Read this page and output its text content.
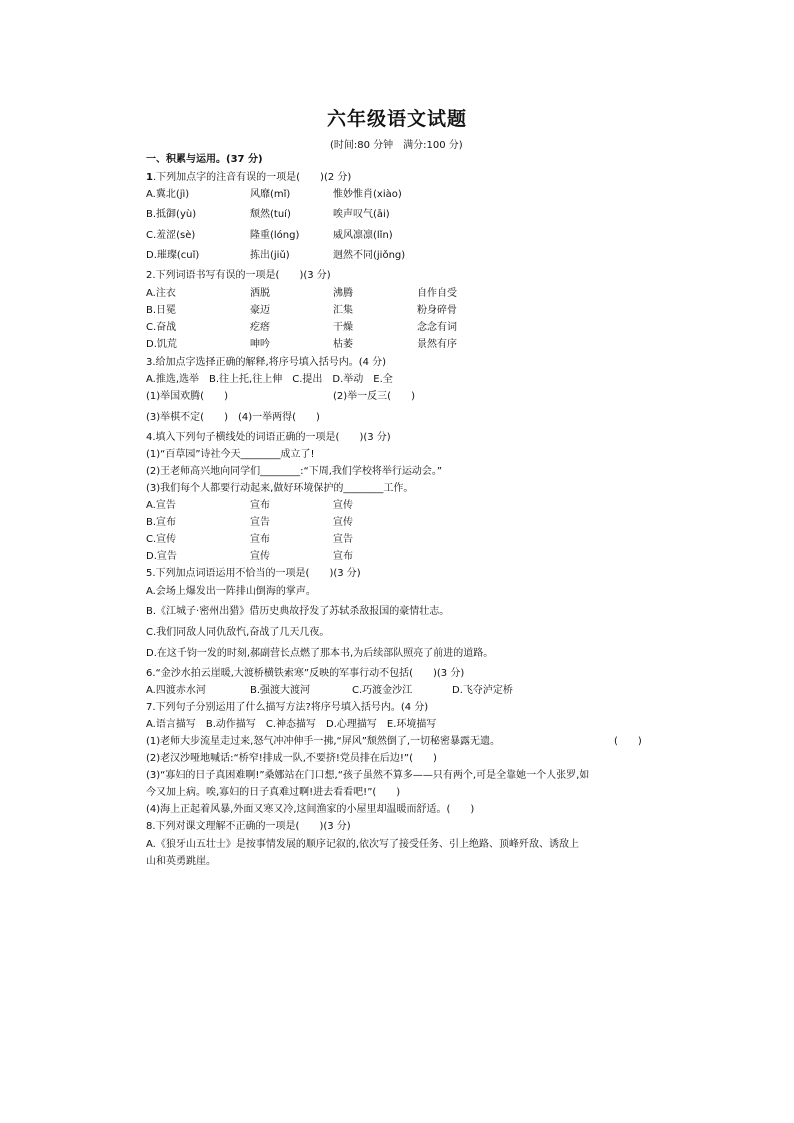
六年级语文试题
(时间:80 分钟　满分:100 分)
一、积累与运用。(37 分)
1.下列加点字的注音有误的一项是(　　)(2 分)
A.冀北(jì)	风靡(mǐ)	惟妙惟肖(xiào)
B.抵御(yù)	颓然(tuí)	唉声叹气(āi)
C.羞涩(sè)	隆重(lóng)	威风凛凛(lǐn)
D.璀璨(cuǐ)	拣出(jiǔ)	迥然不同(jiǒng)
2.下列词语书写有误的一项是(　　)(3 分)
A.注衣	洒脱	沸腾	自作自受
B.日冕	豪迈	汇集	粉身碎骨
C.奋战	疙瘩	干燥	念念有词
D.饥荒	呻吟	枯萎	景然有序
3.给加点字选择正确的解释,将序号填入括号内。(4 分)
A.推选,选举　B.往上托,往上伸　C.提出　D.举动　E.全
(1)举国欢腾(　　)	(2)举一反三(　　)
(3)举棋不定(　　)　(4)一举两得(　　)
4.填入下列句子横线处的词语正确的一项是(　　)(3 分)
(1)“百草园”诗社今天________成立了!
(2)王老师高兴地向同学们________:“下周,我们学校将举行运动会。”
(3)我们每个人都要行动起来,做好环境保护的________工作。
A.宣告	宣布	宣传
B.宣布	宣告	宣传
C.宣传	宣布	宣告
D.宣告	宣传	宣布
5.下列加点词语运用不恰当的一项是(　　)(3 分)
A.会场上爆发出一阵排山倒海的掌声。
B.《江城子·密州出猎》借历史典故抒发了苏轼杀敌报国的豪情壮志。
C.我们同敌人同仇敌忾,奋战了几天几夜。
D.在这千钧一发的时刻,郝副营长点燃了那本书,为后续部队照亮了前进的道路。
6.“金沙水拍云崖暖,大渡桥横铁索寒”反映的军事行动不包括(　　)(3 分)
A.四渡赤水河	B.强渡大渡河	C.巧渡金沙江	D.飞夺泸定桥
7.下列句子分别运用了什么描写方法?将序号填入括号内。(4 分)
A.语言描写　B.动作描写　C.神态描写　D.心理描写　E.环境描写
(1)老师大步流星走过来,怒气冲冲伸手一拂,“屏风”颓然倒了,一切秘密暴露无遗。	(　　)
(2)老汉沙哑地喊话:“桥窄!排成一队,不要挤!党员排在后边!”(　　)
(3)“寡妇的日子真困难啊!”桑娜站在门口想,“孩子虽然不算多——只有两个,可是全靠她一个人张罗,如
今又加上病。唉,寡妇的日子真难过啊!进去看看吧!”(　　)
(4)海上正起着风暴,外面又寒又冷,这间渔家的小屋里却温暖而舒适。(　　)
8.下列对课文理解不正确的一项是(　　)(3 分)
A.《狼牙山五壮士》是按事情发展的顺序记叙的,依次写了接受任务、引上绝路、顶峰歼敌、诱敌上
山和英勇跳崖。
